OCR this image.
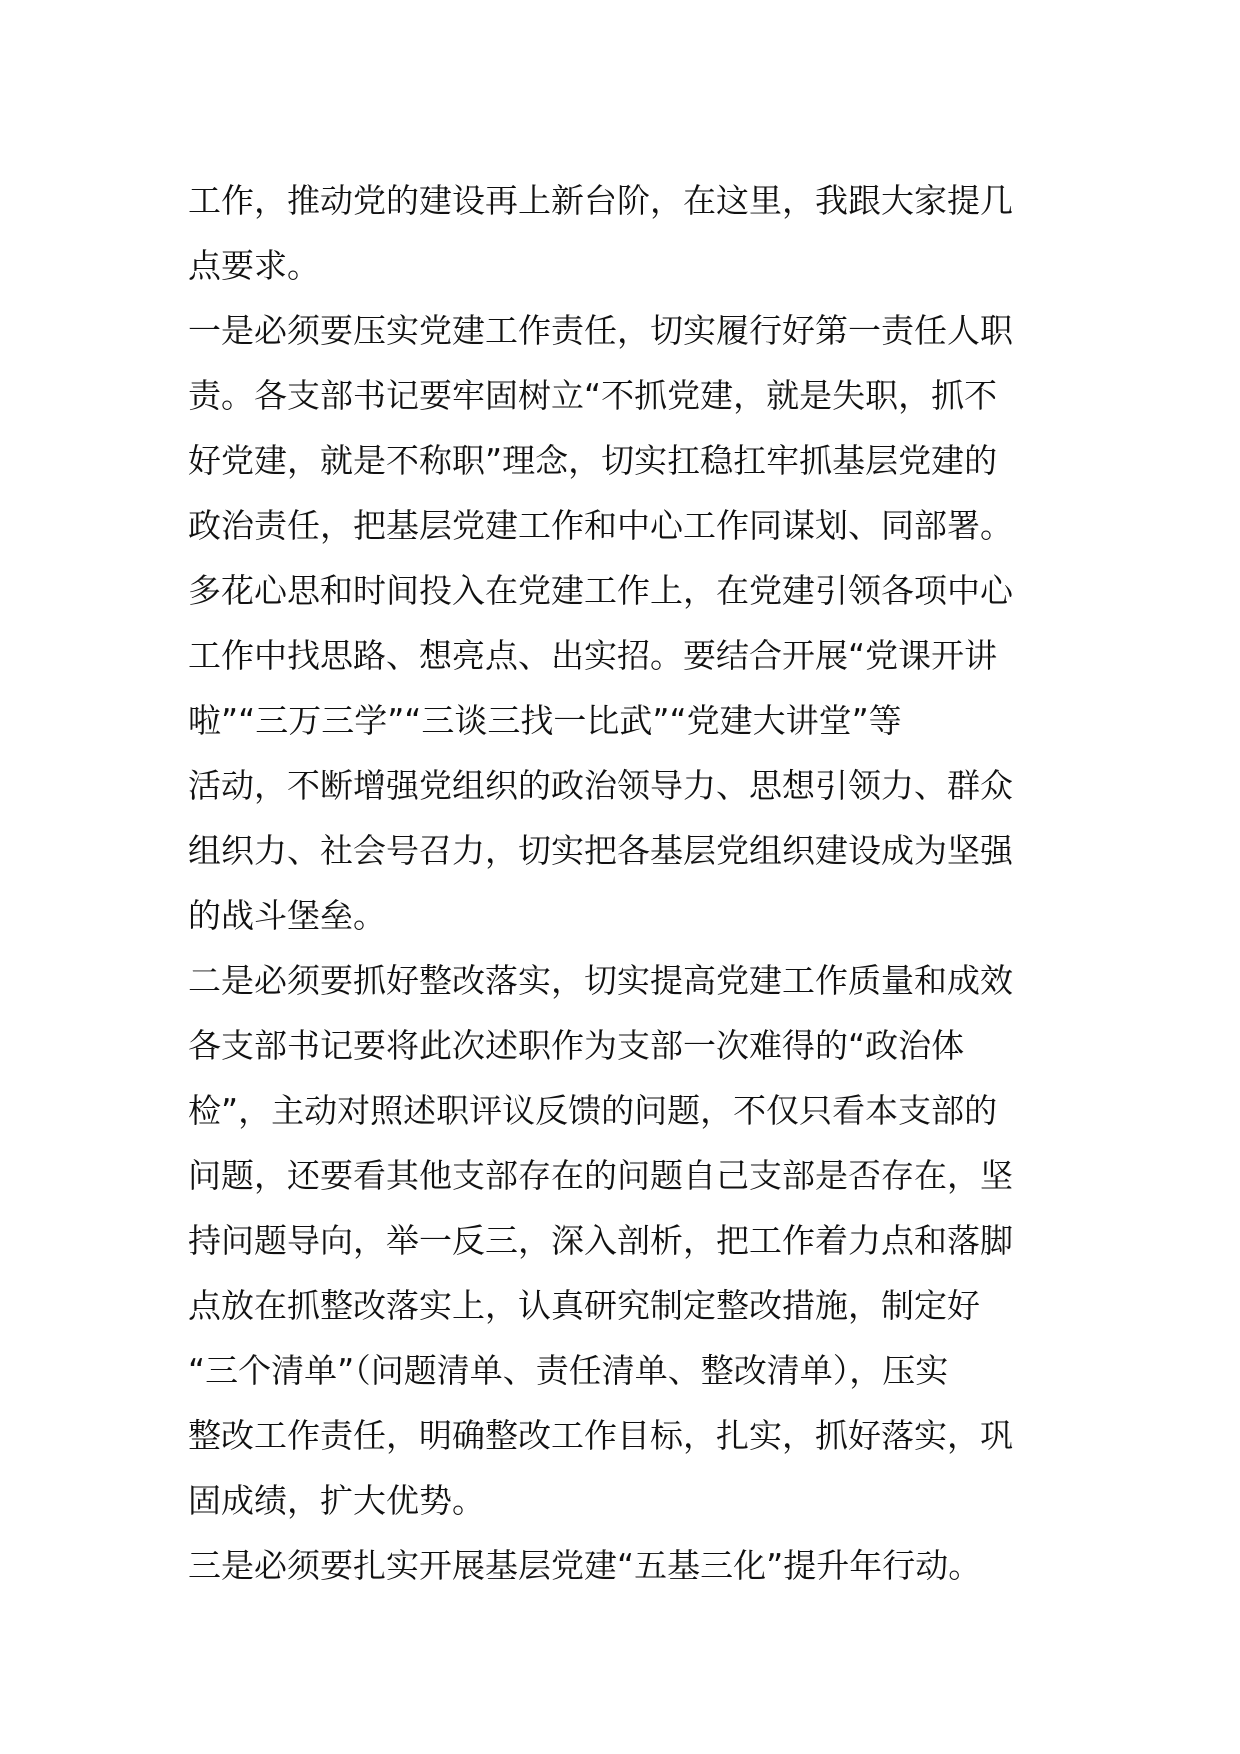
工作，推动党的建设再上新台阶，在这里，我跟大家提几
点要求。
一是必须要压实党建工作责任，切实履行好第一责任人职
责。各支部书记要牢固树立“不抓党建，就是失职，抓不
好党建，就是不称职”理念，切实扛稳扛牢抓基层党建的
政治责任，把基层党建工作和中心工作同谋划、同部署。
多花心思和时间投入在党建工作上，在党建引领各项中心
工作中找思路、想亮点、出实招。要结合开展“党课开讲
啦”“三万三学”“三谈三找一比武”“党建大讲堂”等
活动，不断增强党组织的政治领导力、思想引领力、群众
组织力、社会号召力，切实把各基层党组织建设成为坚强
的战斗堡垒。
二是必须要抓好整改落实，切实提高党建工作质量和成效
各支部书记要将此次述职作为支部一次难得的“政治体
检”，主动对照述职评议反馈的问题，不仅只看本支部的
问题，还要看其他支部存在的问题自己支部是否存在，坚
持问题导向，举一反三，深入剖析，把工作着力点和落脚
点放在抓整改落实上，认真研究制定整改措施，制定好
“三个清单”（问题清单、责任清单、整改清单），压实
整改工作责任，明确整改工作目标，扎实，抓好落实，巩
固成绩，扩大优势。
三是必须要扎实开展基层党建“五基三化”提升年行动。
